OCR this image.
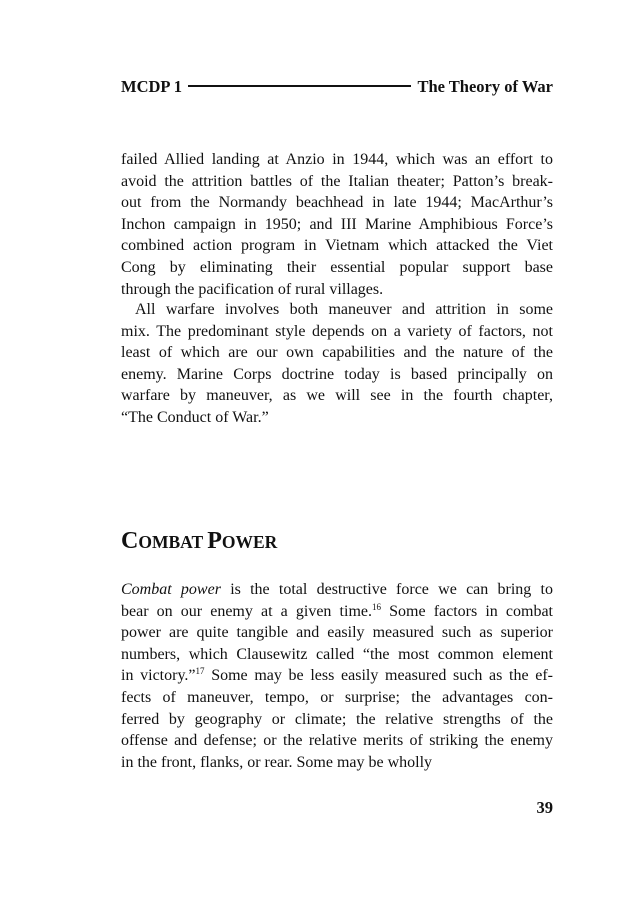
MCDP 1	The Theory of War
failed Allied landing at Anzio in 1944, which was an effort to
avoid the attrition battles of the Italian theater; Patton’s break-
out from the Normandy beachhead in late 1944; MacArthur’s
Inchon campaign in 1950; and III Marine Amphibious Force’s
combined action program in Vietnam which attacked the Viet
Cong by eliminating their essential popular support base
through the pacification of rural villages.
All warfare involves both maneuver and attrition in some
mix. The predominant style depends on a variety of factors, not
least of which are our own capabilities and the nature of the
enemy. Marine Corps doctrine today is based principally on
warfare by maneuver, as we will see in the fourth chapter,
“The Conduct of War.”
COMBAT POWER
Combat power is the total destructive force we can bring to
bear on our enemy at a given time.$^{16}$ Some factors in combat
power are quite tangible and easily measured such as superior
numbers, which Clausewitz called “the most common element
in victory.”$^{17}$ Some may be less easily measured such as the ef-
fects of maneuver, tempo, or surprise; the advantages con-
ferred by geography or climate; the relative strengths of the
offense and defense; or the relative merits of striking the enemy
in the front, flanks, or rear. Some may be wholly
39
